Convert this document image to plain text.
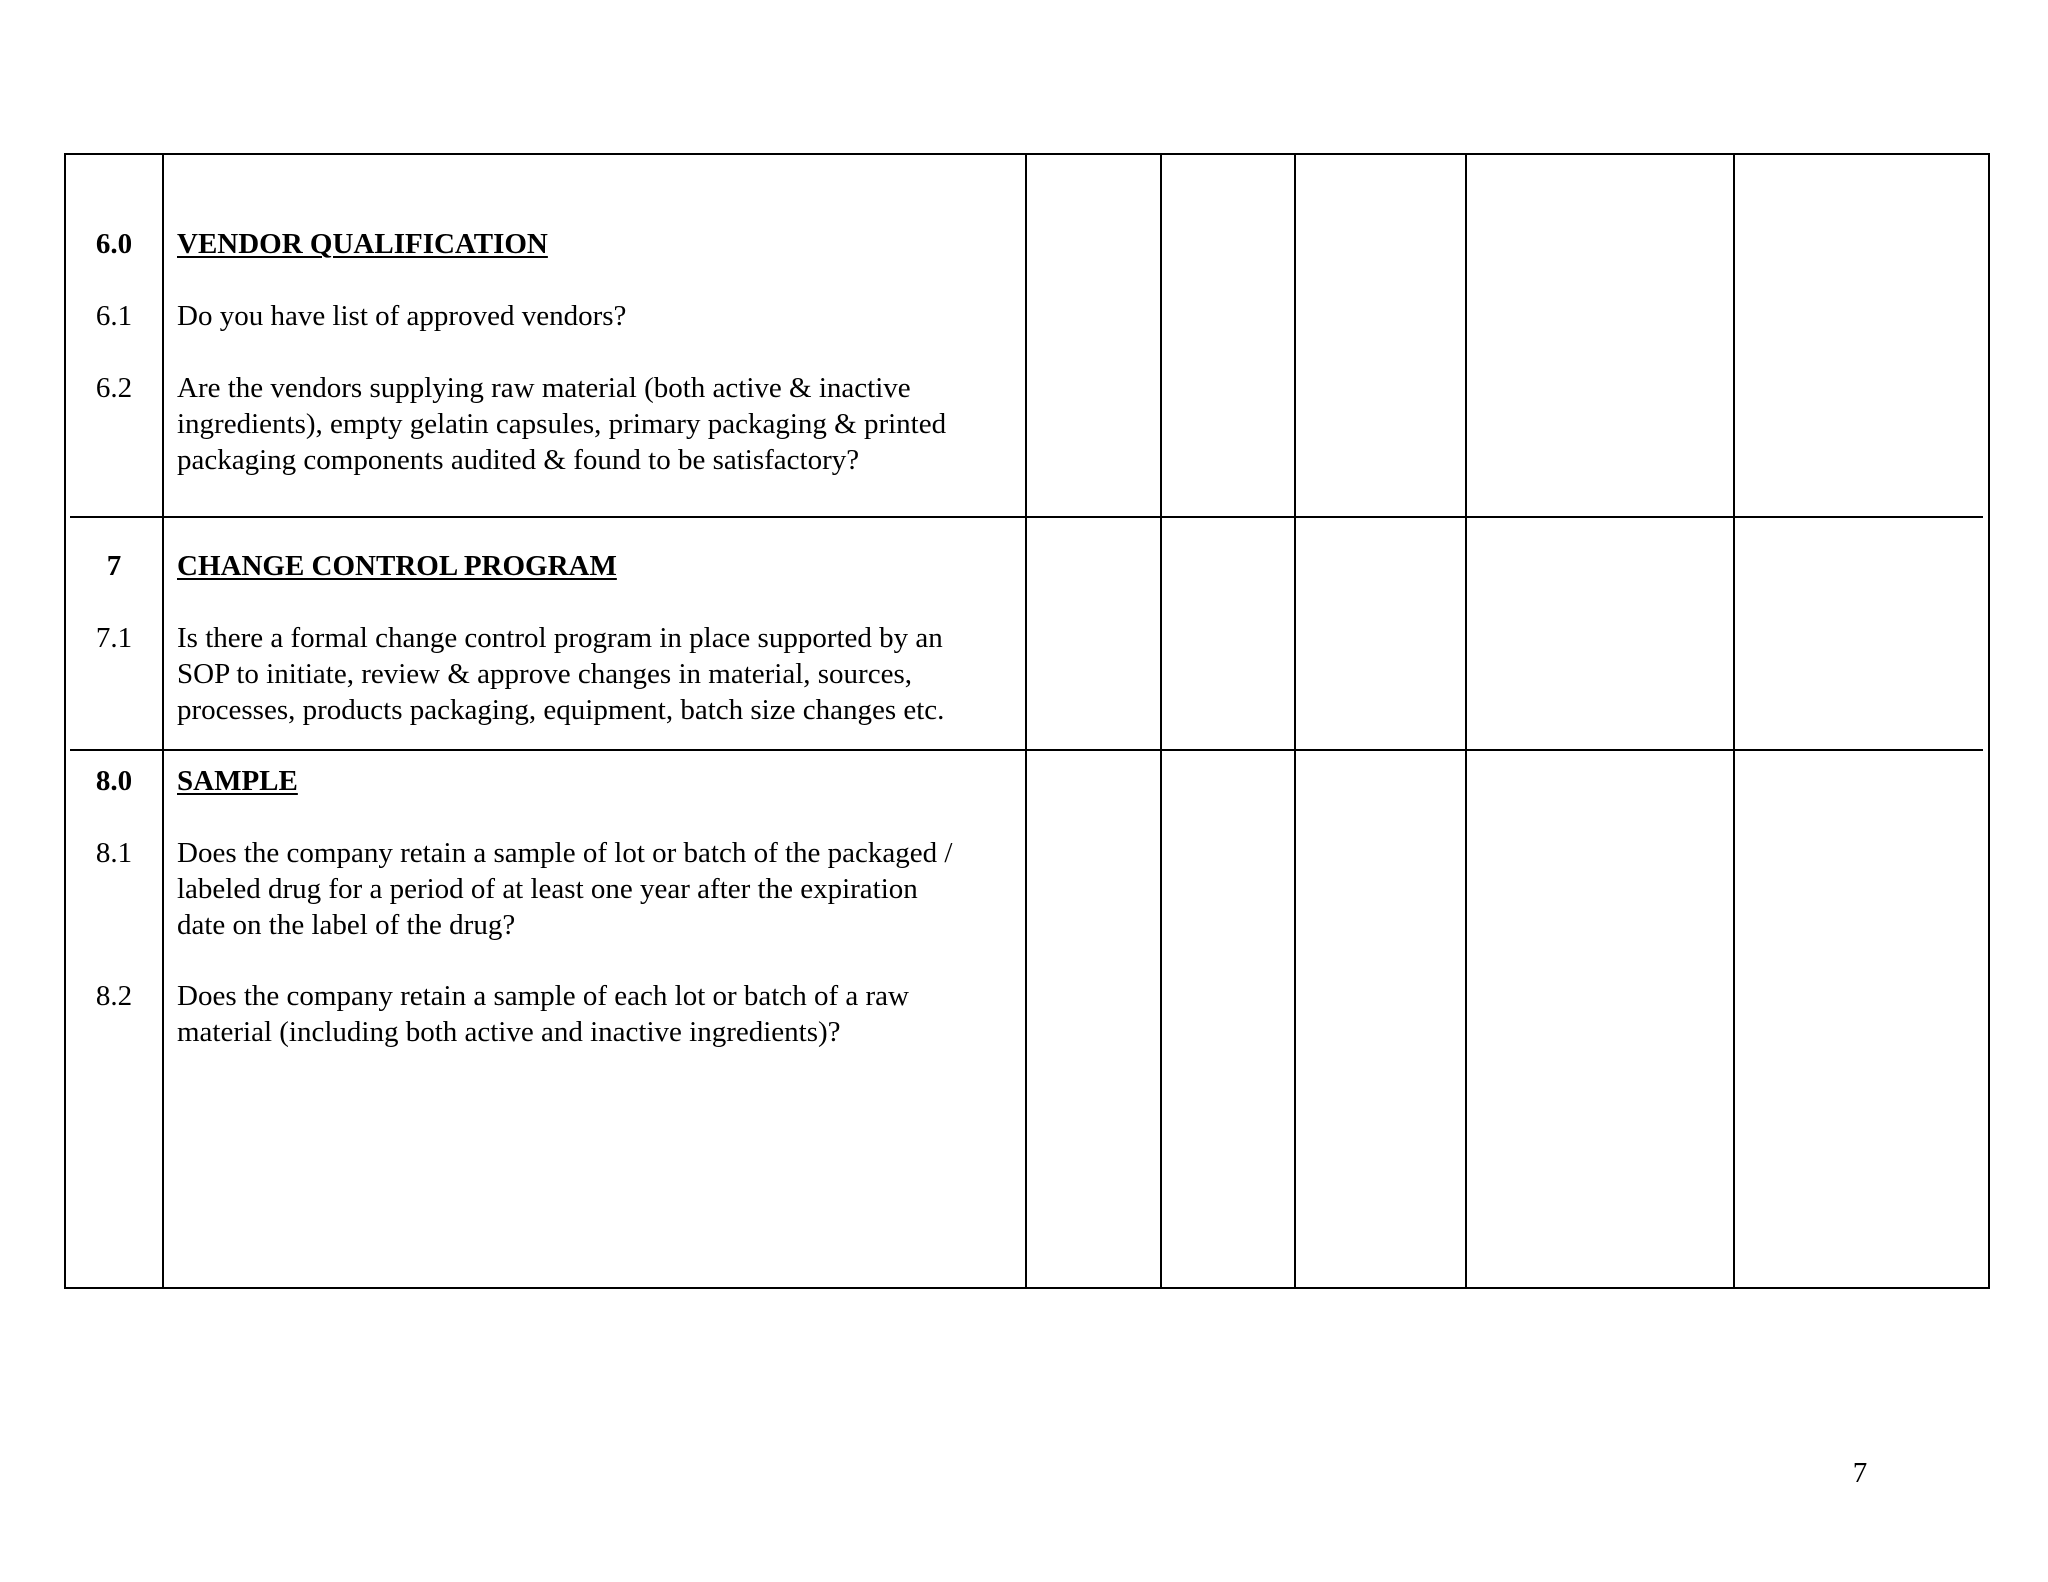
6.0	VENDOR QUALIFICATION
6.1	Do you have list of approved vendors?
6.2	Are the vendors supplying raw material (both active & inactive
ingredients), empty gelatin capsules, primary packaging & printed
packaging components audited & found to be satisfactory?
7	CHANGE CONTROL PROGRAM
7.1	Is there a formal change control program in place supported by an
SOP to initiate, review & approve changes in material, sources,
processes, products packaging, equipment, batch size changes etc.
8.0	SAMPLE
8.1	Does the company retain a sample of lot or batch of the packaged /
labeled drug for a period of at least one year after the expiration
date on the label of the drug?
8.2	Does the company retain a sample of each lot or batch of a raw
material (including both active and inactive ingredients)?
7
